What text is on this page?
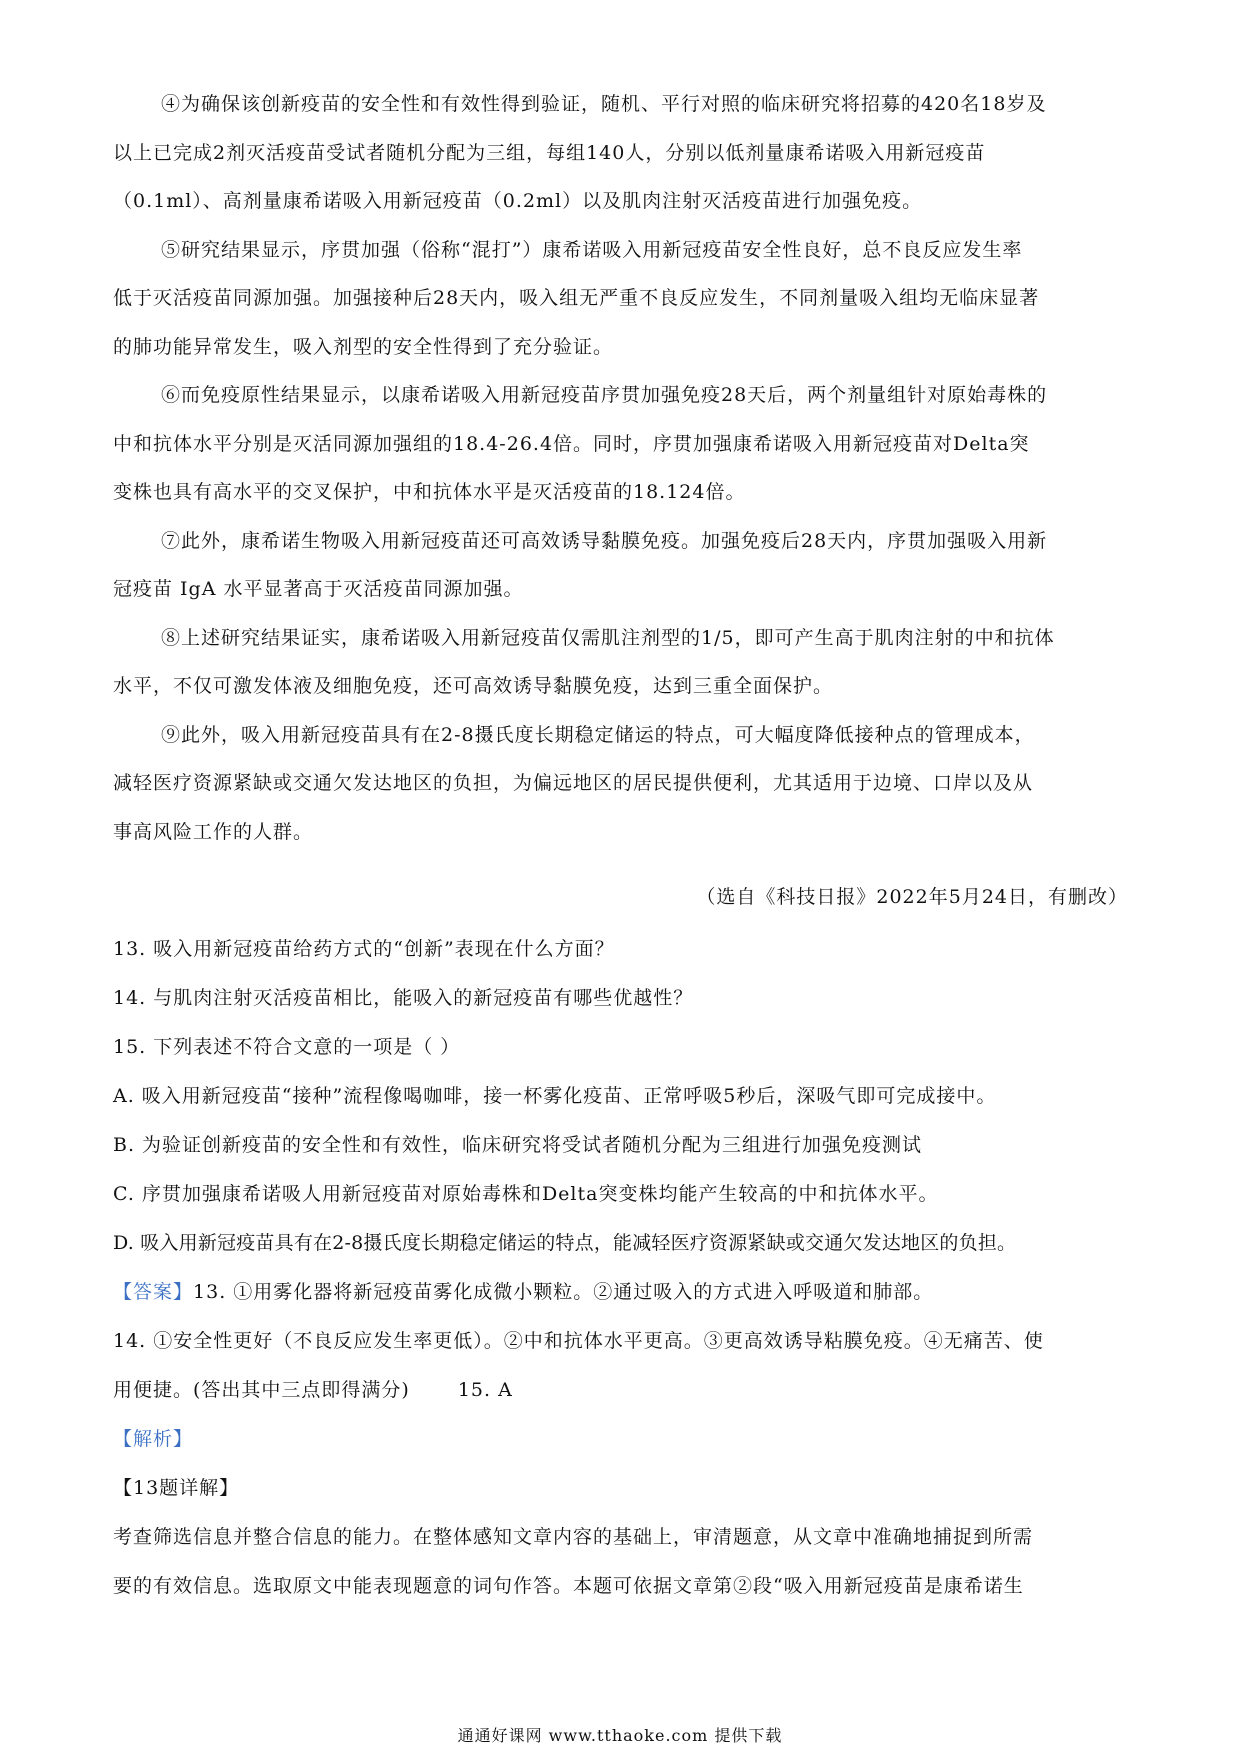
④为确保该创新疫苗的安全性和有效性得到验证，随机、平行对照的临床研究将招募的420名18岁及

以上已完成2剂灭活疫苗受试者随机分配为三组，每组140人，分别以低剂量康希诺吸入用新冠疫苗

（0.1ml）、高剂量康希诺吸入用新冠疫苗（0.2ml）以及肌肉注射灭活疫苗进行加强免疫。

⑤研究结果显示，序贯加强（俗称“混打”）康希诺吸入用新冠疫苗安全性良好，总不良反应发生率

低于灭活疫苗同源加强。加强接种后28天内，吸入组无严重不良反应发生，不同剂量吸入组均无临床显著

的肺功能异常发生，吸入剂型的安全性得到了充分验证。

⑥而免疫原性结果显示，以康希诺吸入用新冠疫苗序贯加强免疫28天后，两个剂量组针对原始毒株的

中和抗体水平分别是灭活同源加强组的18.4-26.4倍。同时，序贯加强康希诺吸入用新冠疫苗对Delta突

变株也具有高水平的交叉保护，中和抗体水平是灭活疫苗的18.124倍。

⑦此外，康希诺生物吸入用新冠疫苗还可高效诱导黏膜免疫。加强免疫后28天内，序贯加强吸入用新

冠疫苗 IgA 水平显著高于灭活疫苗同源加强。

⑧上述研究结果证实，康希诺吸入用新冠疫苗仅需肌注剂型的1/5，即可产生高于肌肉注射的中和抗体

水平，不仅可激发体液及细胞免疫，还可高效诱导黏膜免疫，达到三重全面保护。

⑨此外，吸入用新冠疫苗具有在2-8摄氏度长期稳定储运的特点，可大幅度降低接种点的管理成本，

减轻医疗资源紧缺或交通欠发达地区的负担，为偏远地区的居民提供便利，尤其适用于边境、口岸以及从

事高风险工作的人群。

（选自《科技日报》2022年5月24日，有删改）

13. 吸入用新冠疫苗给药方式的“创新”表现在什么方面？

14. 与肌肉注射灭活疫苗相比，能吸入的新冠疫苗有哪些优越性？

15. 下列表述不符合文意的一项是（ ）

A. 吸入用新冠疫苗“接种”流程像喝咖啡，接一杯雾化疫苗、正常呼吸5秒后，深吸气即可完成接中。

B. 为验证创新疫苗的安全性和有效性，临床研究将受试者随机分配为三组进行加强免疫测试

C. 序贯加强康希诺吸人用新冠疫苗对原始毒株和Delta突变株均能产生较高的中和抗体水平。

D. 吸入用新冠疫苗具有在2-8摄氏度长期稳定储运的特点，能减轻医疗资源紧缺或交通欠发达地区的负担。

【答案】13. ①用雾化器将新冠疫苗雾化成微小颗粒。②通过吸入的方式进入呼吸道和肺部。

14. ①安全性更好（不良反应发生率更低）。②中和抗体水平更高。③更高效诱导粘膜免疫。④无痛苦、使

用便捷。(答出其中三点即得满分)	15. A

【解析】

【13题详解】

考查筛选信息并整合信息的能力。在整体感知文章内容的基础上，审清题意，从文章中准确地捕捉到所需

要的有效信息。选取原文中能表现题意的词句作答。本题可依据文章第②段“吸入用新冠疫苗是康希诺生

通通好课网 www.tthaoke.com 提供下载
